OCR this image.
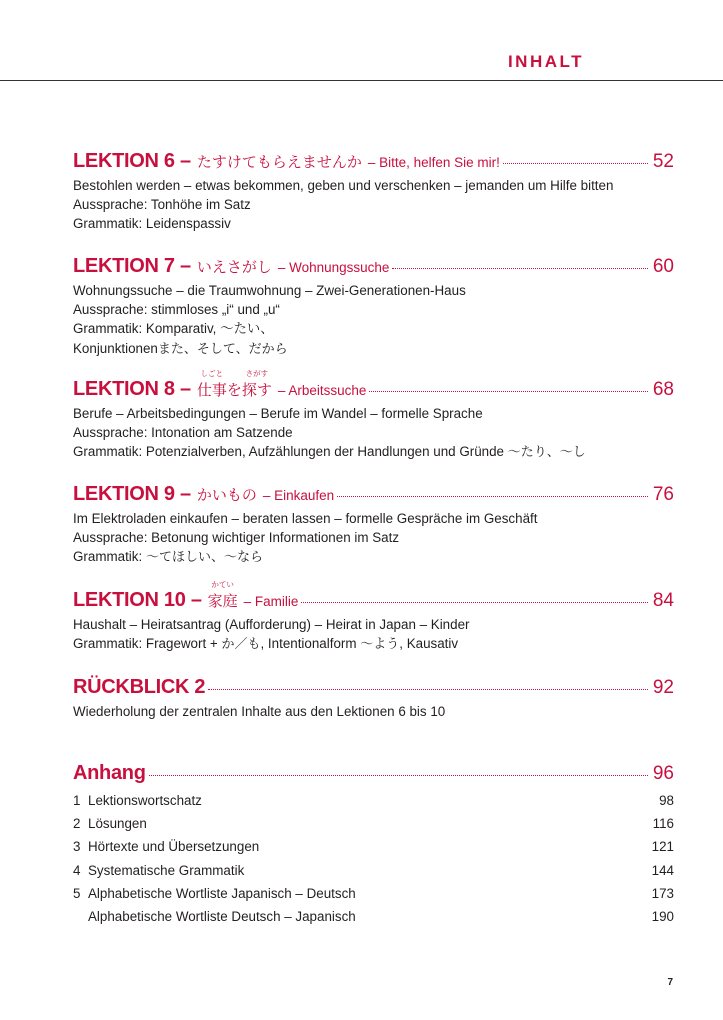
INHALT
LEKTION 6 – たすけてもらえませんか – Bitte, helfen Sie mir!	52
Bestohlen werden – etwas bekommen, geben und verschenken – jemanden um Hilfe bitten
Aussprache: Tonhöhe im Satz
Grammatik: Leidenspassiv
LEKTION 7 – いえさがし – Wohnungssuche	60
Wohnungssuche – die Traumwohnung – Zwei-Generationen-Haus
Aussprache: stimmloses „i“ und „u“
Grammatik: Komparativ, ～たい、
Konjunktionenまた、そして、だから
LEKTION 8 –
しごと
仕事 を
さがす
探す – Arbeitssuche	68
Berufe – Arbeitsbedingungen – Berufe im Wandel – formelle Sprache
Aussprache: Intonation am Satzende
Grammatik: Potenzialverben, Aufzählungen der Handlungen und Gründe ～たり、～し
LEKTION 9 – かいもの – Einkaufen	76
Im Elektroladen einkaufen – beraten lassen – formelle Gespräche im Geschäft
Aussprache: Betonung wichtiger Informationen im Satz
Grammatik: ～てほしい、～なら
LEKTION 10 –
かてい
家庭 – Familie	84
Haushalt – Heiratsantrag (Aufforderung) – Heirat in Japan – Kinder
Grammatik: Fragewort + か／も, Intentionalform ～よう, Kausativ
RÜCKBLICK 2	92
Wiederholung der zentralen Inhalte aus den Lektionen 6 bis 10
Anhang	96
1 Lektionswortschatz	98
2 Lösungen	116
3 Hörtexte und Übersetzungen	121
4 Systematische Grammatik	144
5 Alphabetische Wortliste Japanisch – Deutsch	173
Alphabetische Wortliste Deutsch – Japanisch	190
7
